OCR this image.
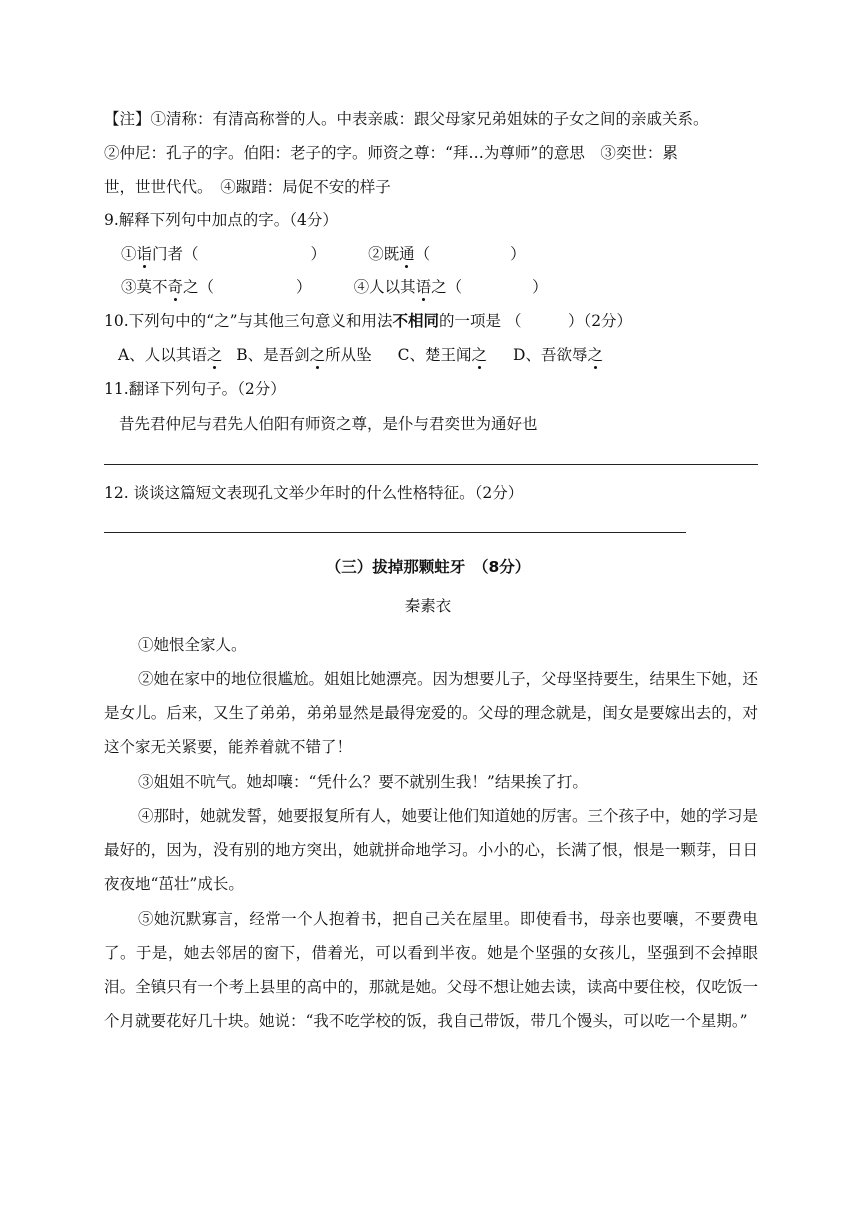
【注】①清称：有清高称誉的人。中表亲戚：跟父母家兄弟姐妹的子女之间的亲戚关系。
②仲尼：孔子的字。伯阳：老子的字。师资之尊：“拜…为尊师”的意思　③奕世：累
世，世世代代。　④踧踖：局促不安的样子
9.解释下列句中加点的字。（4分）
①诣门者（	）	②既通（	）
③莫不奇之（	）	④人以其语之（	）
10.下列句中的“之”与其他三句意义和用法不相同的一项是 （　　　）（2分）
A、人以其语之 B、是吾剑之所从坠 C、楚王闻之 D、吾欲辱之
11.翻译下列句子。（2分）
昔先君仲尼与君先人伯阳有师资之尊，是仆与君奕世为通好也
12. 谈谈这篇短文表现孔文举少年时的什么性格特征。（2分）
（三）拔掉那颗蛀牙　（8分）
秦素衣
①她恨全家人。
②她在家中的地位很尴尬。姐姐比她漂亮。因为想要儿子，父母坚持要生，结果生下她，还是女儿。后来，又生了弟弟，弟弟显然是最得宠爱的。父母的理念就是，闺女是要嫁出去的，对这个家无关紧要，能养着就不错了！
③姐姐不吭气。她却嚷：“凭什么？要不就别生我！”结果挨了打。
④那时，她就发誓，她要报复所有人，她要让他们知道她的厉害。三个孩子中，她的学习是最好的，因为，没有别的地方突出，她就拼命地学习。小小的心，长满了恨，恨是一颗芽，日日夜夜地“茁壮”成长。
⑤她沉默寡言，经常一个人抱着书，把自己关在屋里。即使看书，母亲也要嚷，不要费电了。于是，她去邻居的窗下，借着光，可以看到半夜。她是个坚强的女孩儿，坚强到不会掉眼泪。全镇只有一个考上县里的高中的，那就是她。父母不想让她去读，读高中要住校，仅吃饭一个月就要花好几十块。她说：“我不吃学校的饭，我自己带饭，带几个馒头，可以吃一个星期。”
